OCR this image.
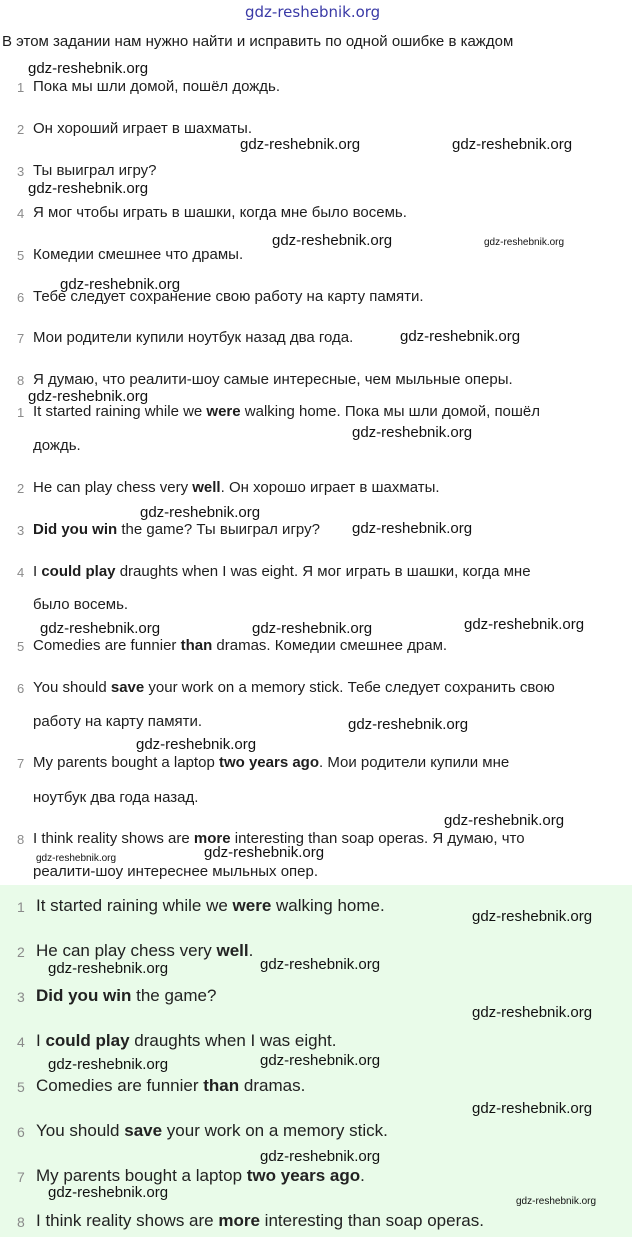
gdz-reshebnik.org
В этом задании нам нужно найти и исправить по одной ошибке в каждом
1 Пока мы шли домой, пошёл дождь.
2 Он хороший играет в шахматы.
3 Ты выиграл игру?
4 Я мог чтобы играть в шашки, когда мне было восемь.
5 Комедии смешнее что драмы.
6 Тебе следует сохранение свою работу на карту памяти.
7 Мои родители купили ноутбук назад два года.
8 Я думаю, что реалити-шоу самые интересные, чем мыльные оперы.
1 It started raining while we were walking home. Пока мы шли домой, пошёл
дождь.
2 He can play chess very well. Он хорошо играет в шахматы.
3 Did you win the game? Ты выиграл игру?
4 I could play draughts when I was eight. Я мог играть в шашки, когда мне
было восемь.
5 Comedies are funnier than dramas. Комедии смешнее драм.
6 You should save your work on a memory stick. Тебе следует сохранить свою
работу на карту памяти.
7 My parents bought a laptop two years ago. Мои родители купили мне
ноутбук два года назад.
8 I think reality shows are more interesting than soap operas. Я думаю, что
реалити-шоу интереснее мыльных опер.
1 It started raining while we were walking home.
2 He can play chess very well.
3 Did you win the game?
4 I could play draughts when I was eight.
5 Comedies are funnier than dramas.
6 You should save your work on a memory stick.
7 My parents bought a laptop two years ago.
8 I think reality shows are more interesting than soap operas.
gdz-reshebnik.org
gdz-reshebnik.org	gdz-reshebnik.org
gdz-reshebnik.org
gdz-reshebnik.org	gdz-reshebnik.org
gdz-reshebnik.org
gdz-reshebnik.org
gdz-reshebnik.org
gdz-reshebnik.org
gdz-reshebnik.org
gdz-reshebnik.org
gdz-reshebnik.org	gdz-reshebnik.org	gdz-reshebnik.org
gdz-reshebnik.org
gdz-reshebnik.org
gdz-reshebnik.org
gdz-reshebnik.org
gdz-reshebnik.org
gdz-reshebnik.org
gdz-reshebnik.org	gdz-reshebnik.org
gdz-reshebnik.org
gdz-reshebnik.org	gdz-reshebnik.org
gdz-reshebnik.org
gdz-reshebnik.org
gdz-reshebnik.org
gdz-reshebnik.org
